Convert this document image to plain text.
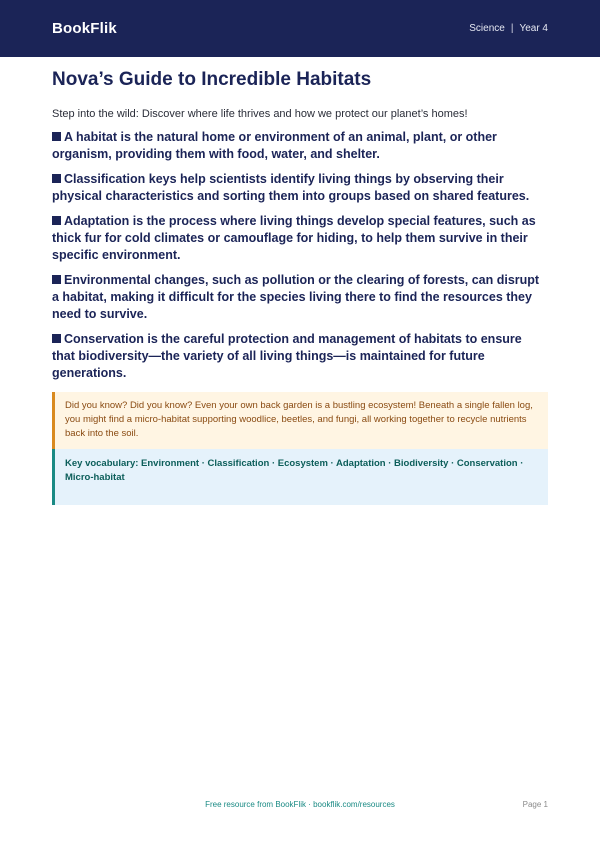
BookFlik	Science | Year 4
Nova’s Guide to Incredible Habitats

Step into the wild: Discover where life thrives and how we protect our planet’s homes!

A habitat is the natural home or environment of an animal, plant, or other organism, providing them with food, water, and shelter.
Classification keys help scientists identify living things by observing their physical characteristics and sorting them into groups based on shared features.
Adaptation is the process where living things develop special features, such as thick fur for cold climates or camouflage for hiding, to help them survive in their specific environment.
Environmental changes, such as pollution or the clearing of forests, can disrupt a habitat, making it difficult for the species living there to find the resources they need to survive.
Conservation is the careful protection and management of habitats to ensure that biodiversity—the variety of all living things—is maintained for future generations.
Did you know? Did you know? Even your own back garden is a bustling ecosystem! Beneath a single fallen log, you might find a micro-habitat supporting woodlice, beetles, and fungi, all working together to recycle nutrients back into the soil.
Key vocabulary: Environment · Classification · Ecosystem · Adaptation · Biodiversity · Conservation · Micro-habitat
Free resource from BookFlik · bookflik.com/resources	Page 1
